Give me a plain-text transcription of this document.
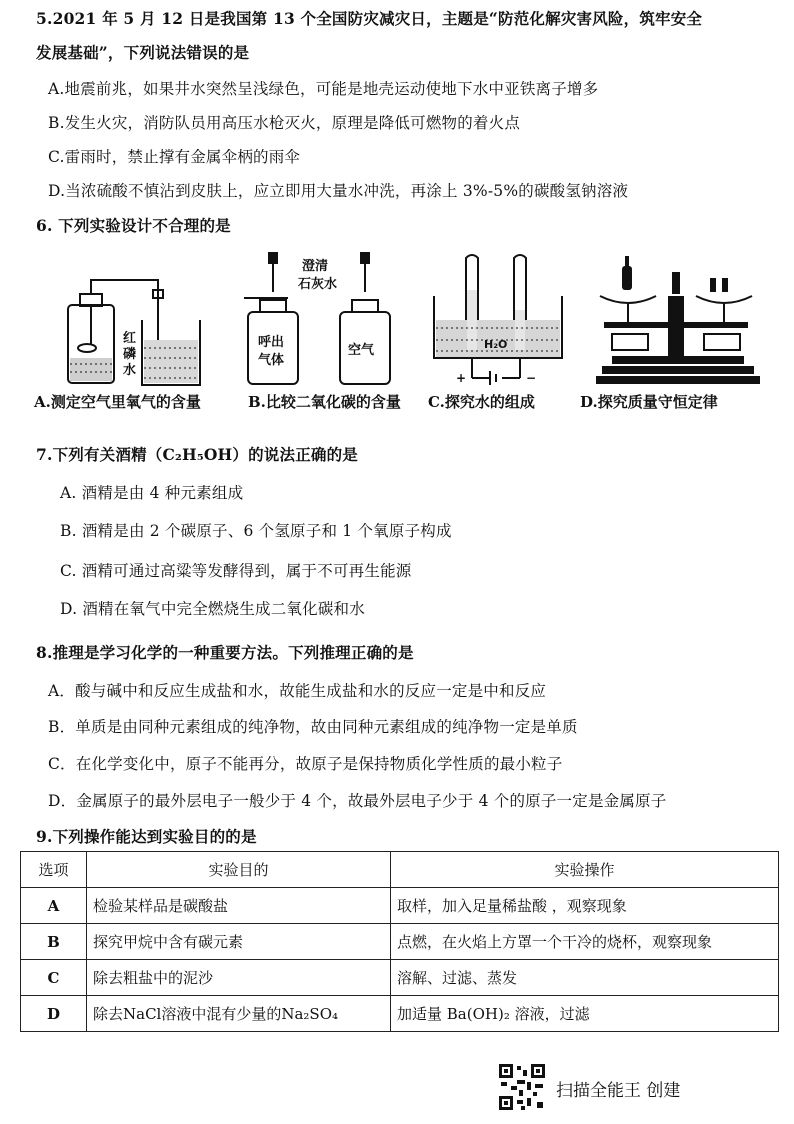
5.2021 年 5 月 12 日是我国第 13 个全国防灾减灾日，主题是“防范化解灾害风险，筑牢安全
发展基础”，下列说法错误的是
A.地震前兆，如果井水突然呈浅绿色，可能是地壳运动使地下水中亚铁离子增多
B.发生火灾，消防队员用高压水枪灭火，原理是降低可燃物的着火点
C.雷雨时，禁止撑有金属伞柄的雨伞
D.当浓硫酸不慎沾到皮肤上，应立即用大量水冲洗，再涂上 3%-5%的碳酸氢钠溶液
6. 下列实验设计不合理的是
红
磷
水
A.测定空气里氧气的含量
澄清
石灰水
呼出
气体
空气
B.比较二氧化碳的含量
H₂O
+	−
C.探究水的组成	D.探究质量守恒定律
7.下列有关酒精（C₂H₅OH）的说法正确的是
A. 酒精是由 4 种元素组成
B. 酒精是由 2 个碳原子、6 个氢原子和 1 个氧原子构成
C. 酒精可通过高粱等发酵得到，属于不可再生能源
D. 酒精在氧气中完全燃烧生成二氧化碳和水
8.推理是学习化学的一种重要方法。下列推理正确的是
A．酸与碱中和反应生成盐和水，故能生成盐和水的反应一定是中和反应
B．单质是由同种元素组成的纯净物，故由同种元素组成的纯净物一定是单质
C．在化学变化中，原子不能再分，故原子是保持物质化学性质的最小粒子
D．金属原子的最外层电子一般少于 4 个，故最外层电子少于 4 个的原子一定是金属原子
9.下列操作能达到实验目的的是
选项	实验目的	实验操作
A	检验某样品是碳酸盐	取样，加入足量稀盐酸 ，观察现象
B	探究甲烷中含有碳元素	点燃，在火焰上方罩一个干冷的烧杯，观察现象
C	除去粗盐中的泥沙	溶解、过滤、蒸发
D	除去NaCl溶液中混有少量的Na₂SO₄	加适量 Ba(OH)₂ 溶液，过滤
扫描全能王 创建
